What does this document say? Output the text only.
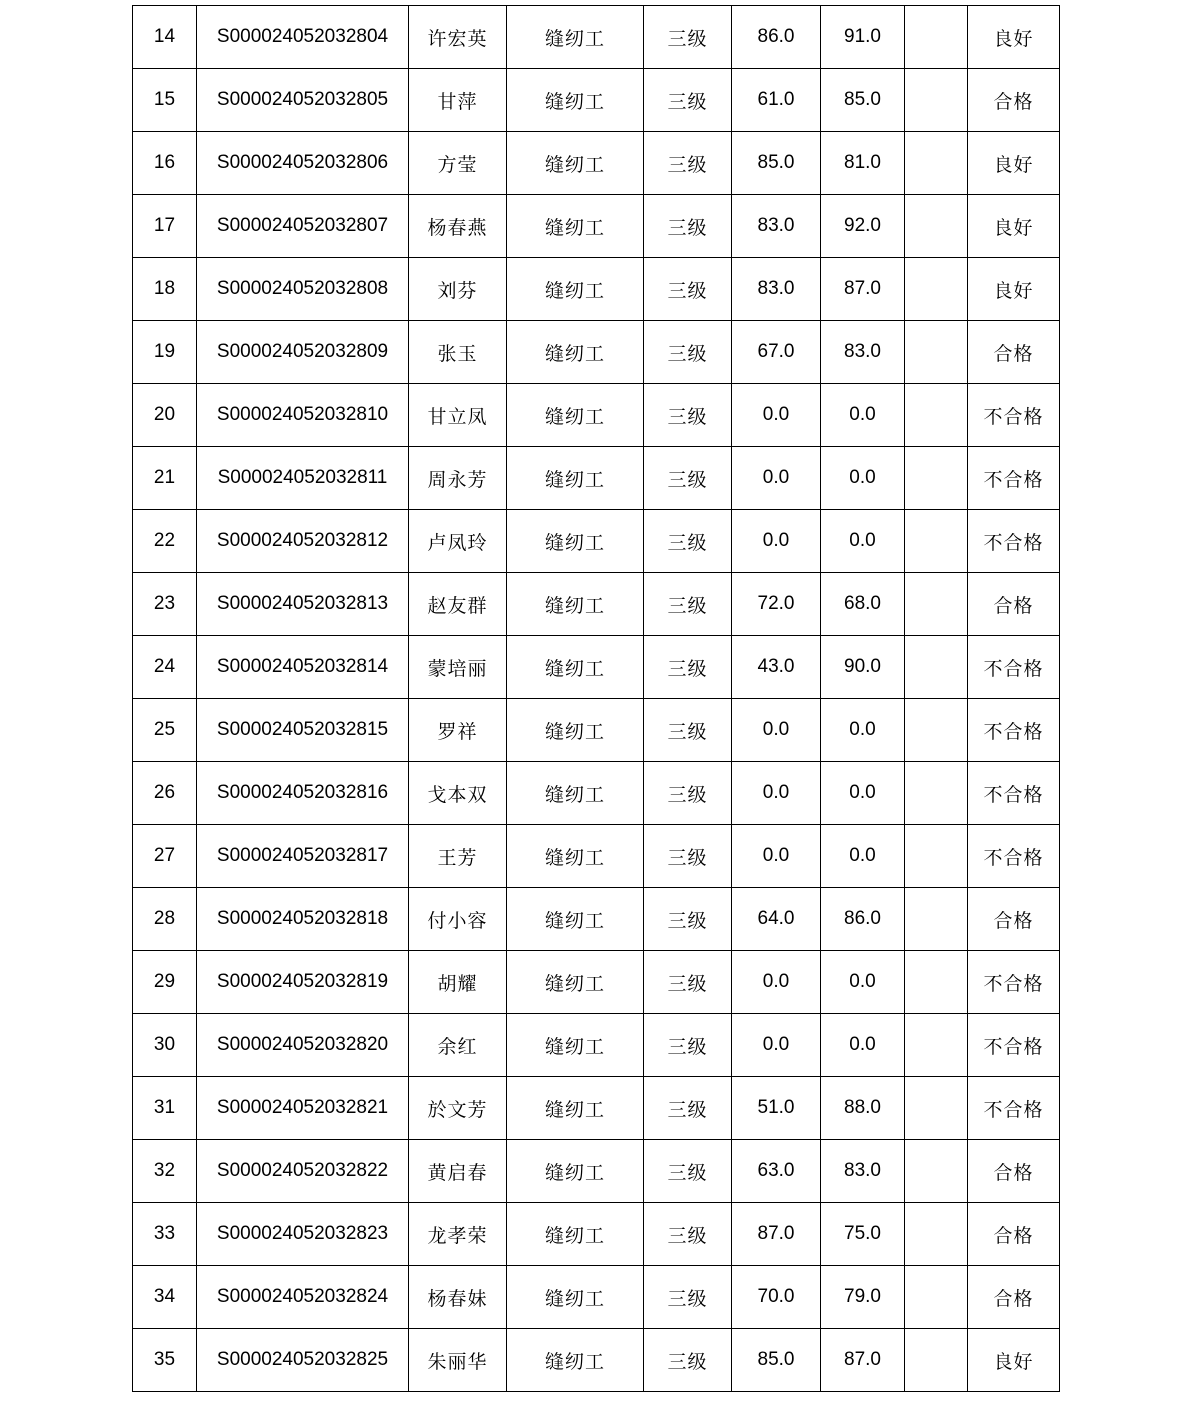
14	S000024052032804	许宏英	缝纫工	三级	86.0	91.0		良好
15	S000024052032805	甘萍	缝纫工	三级	61.0	85.0		合格
16	S000024052032806	方莹	缝纫工	三级	85.0	81.0		良好
17	S000024052032807	杨春燕	缝纫工	三级	83.0	92.0		良好
18	S000024052032808	刘芬	缝纫工	三级	83.0	87.0		良好
19	S000024052032809	张玉	缝纫工	三级	67.0	83.0		合格
20	S000024052032810	甘立凤	缝纫工	三级	0.0	0.0		不合格
21	S000024052032811	周永芳	缝纫工	三级	0.0	0.0		不合格
22	S000024052032812	卢凤玲	缝纫工	三级	0.0	0.0		不合格
23	S000024052032813	赵友群	缝纫工	三级	72.0	68.0		合格
24	S000024052032814	蒙培丽	缝纫工	三级	43.0	90.0		不合格
25	S000024052032815	罗祥	缝纫工	三级	0.0	0.0		不合格
26	S000024052032816	戈本双	缝纫工	三级	0.0	0.0		不合格
27	S000024052032817	王芳	缝纫工	三级	0.0	0.0		不合格
28	S000024052032818	付小容	缝纫工	三级	64.0	86.0		合格
29	S000024052032819	胡耀	缝纫工	三级	0.0	0.0		不合格
30	S000024052032820	余红	缝纫工	三级	0.0	0.0		不合格
31	S000024052032821	於文芳	缝纫工	三级	51.0	88.0		不合格
32	S000024052032822	黄启春	缝纫工	三级	63.0	83.0		合格
33	S000024052032823	龙孝荣	缝纫工	三级	87.0	75.0		合格
34	S000024052032824	杨春妹	缝纫工	三级	70.0	79.0		合格
35	S000024052032825	朱丽华	缝纫工	三级	85.0	87.0		良好
